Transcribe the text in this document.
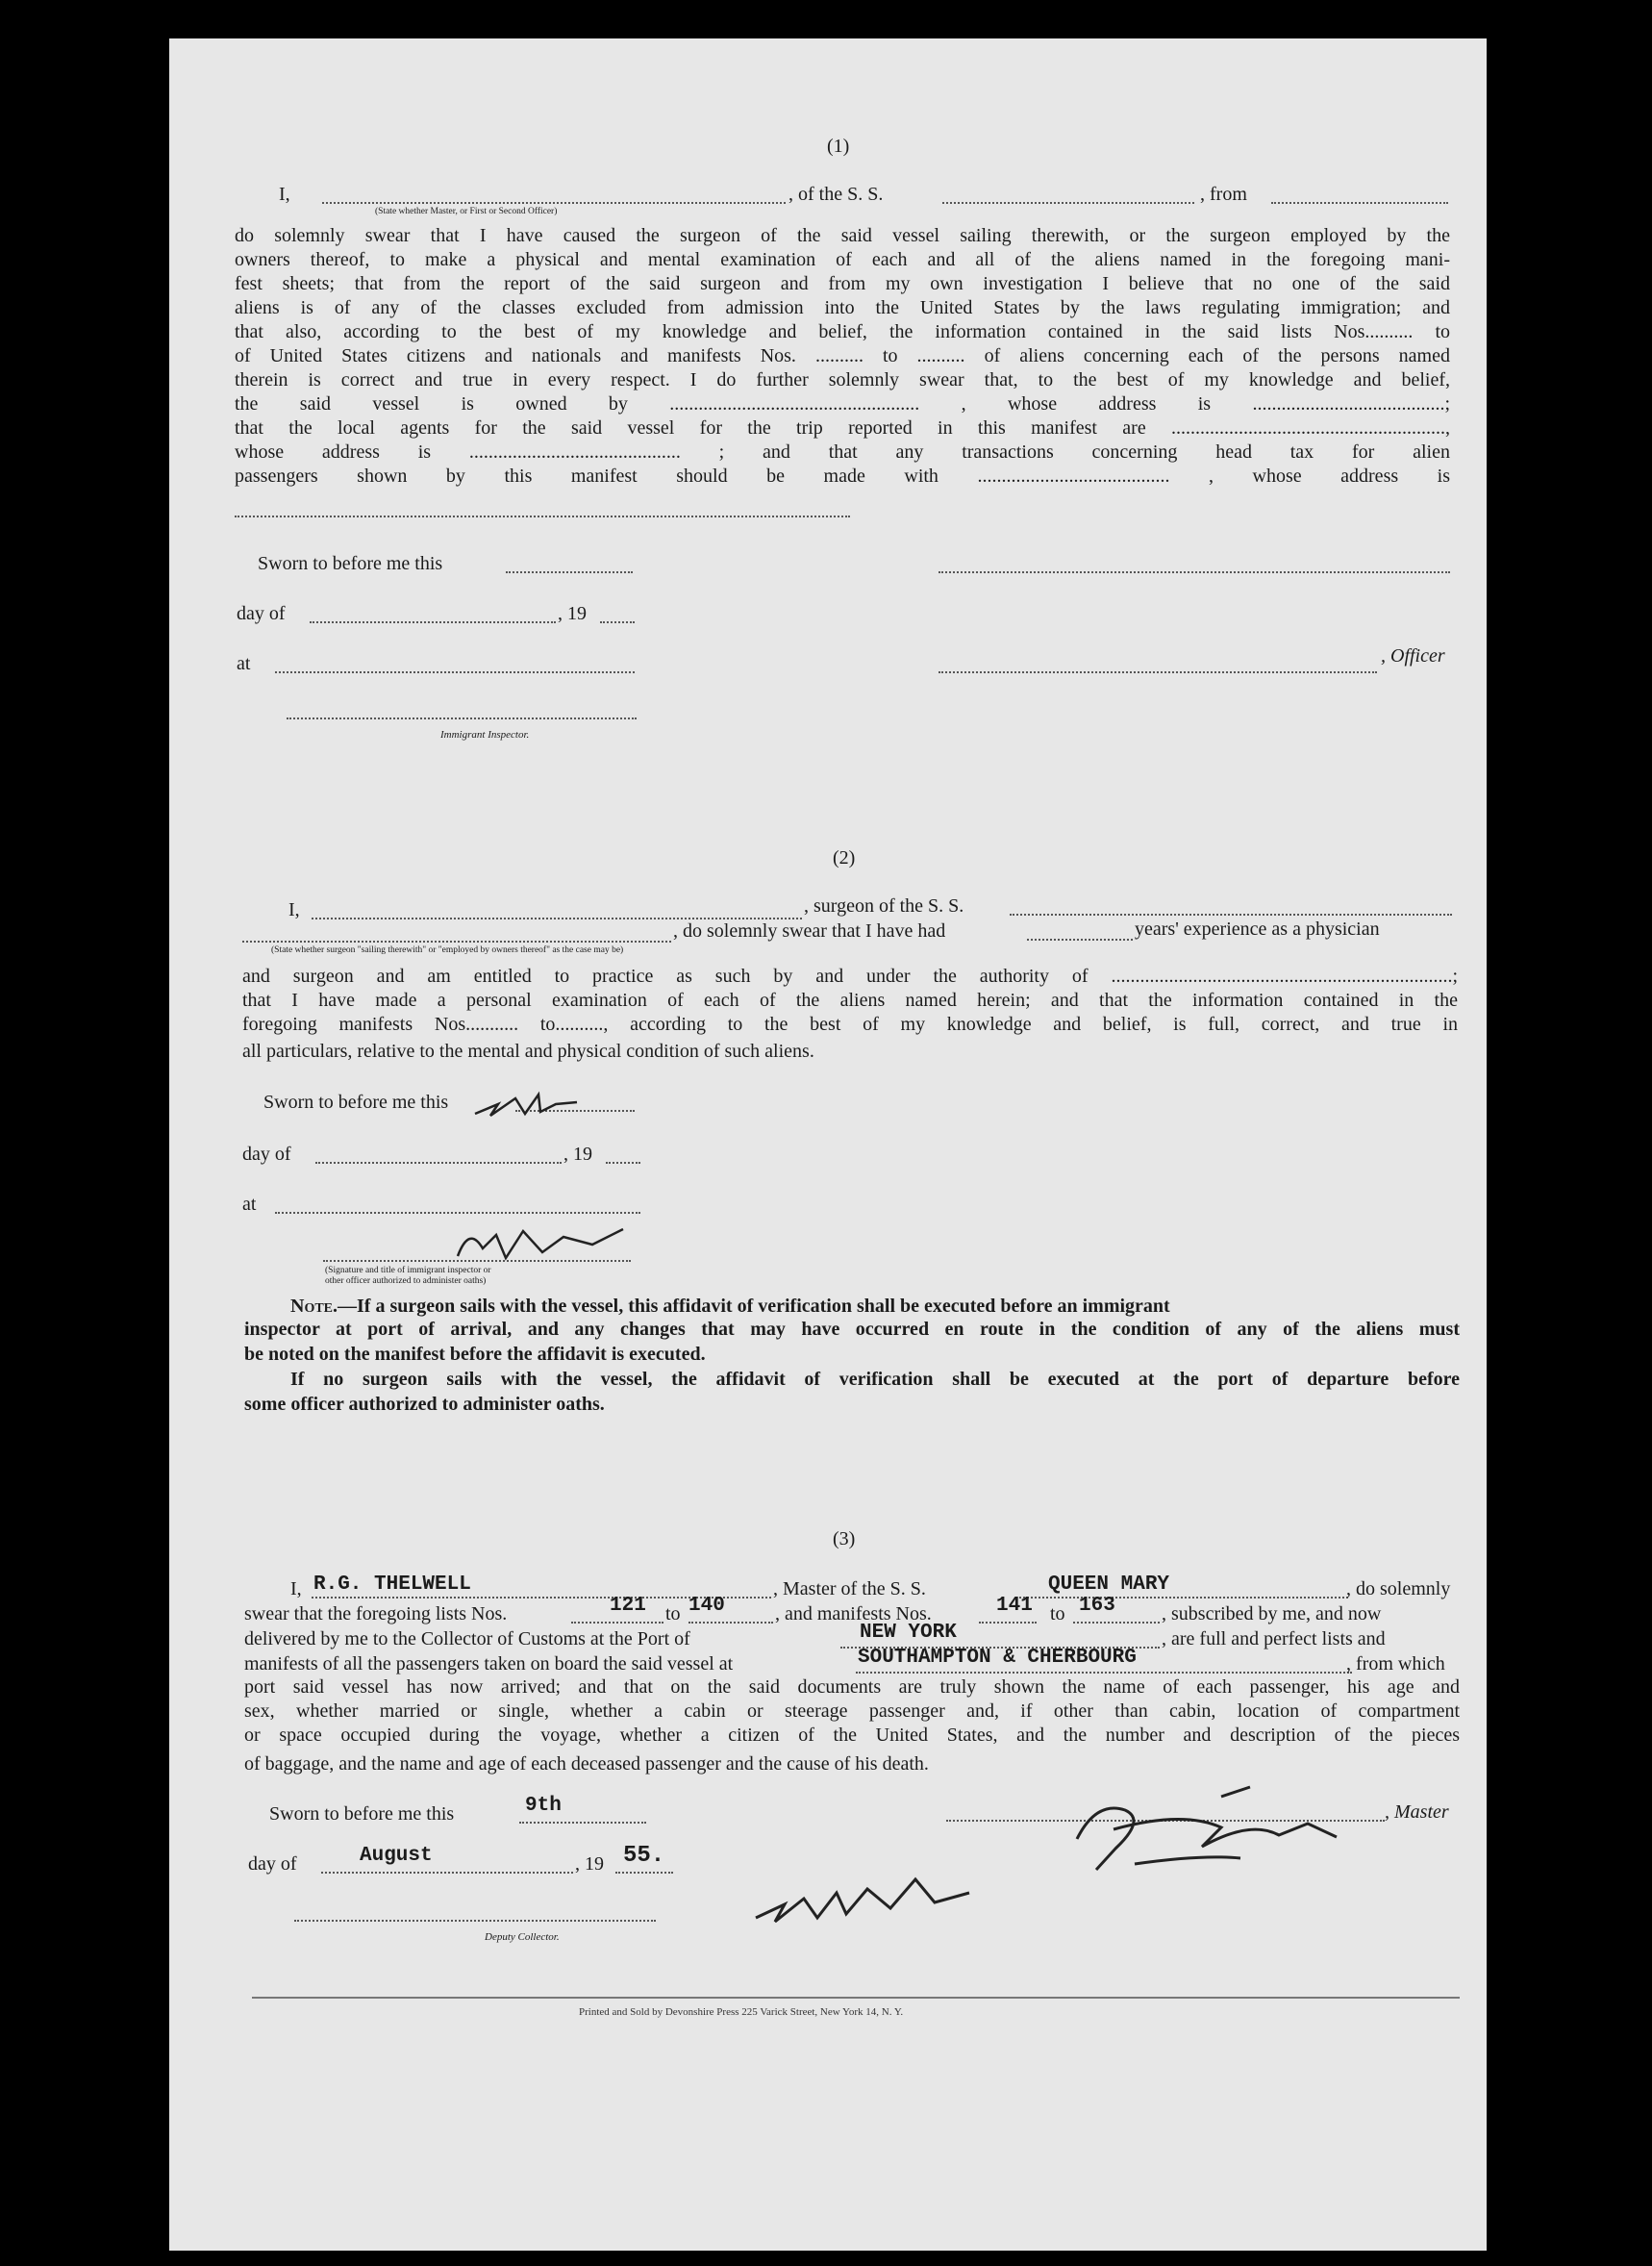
(1)
I,	, of the S. S.	, from
(State whether Master, or First or Second Officer)
do solemnly swear that I have caused the surgeon of the said vessel sailing therewith, or the surgeon employed by the
owners thereof, to make a physical and mental examination of each and all of the aliens named in the foregoing mani-
fest sheets; that from the report of the said surgeon and from my own investigation I believe that no one of the said
aliens is of any of the classes excluded from admission into the United States by the laws regulating immigration; and
that also, according to the best of my knowledge and belief, the information contained in the said lists Nos.......... to
of United States citizens and nationals and manifests Nos. .......... to .......... of aliens concerning each of the persons named
therein is correct and true in every respect. I do further solemnly swear that, to the best of my knowledge and belief,
the said vessel is owned by .................................................... , whose address is ........................................;
that the local agents for the said vessel for the trip reported in this manifest are .........................................................,
whose address is ............................................ ; and that any transactions concerning head tax for alien
passengers shown by this manifest should be made with ........................................ , whose address is
Sworn to before me this
day of	, 19
at	, Officer
Immigrant Inspector.
(2)
I,	, surgeon of the S. S.
, do solemnly swear that I have had	years' experience as a physician
(State whether surgeon "sailing therewith" or "employed by owners thereof" as the case may be)
and surgeon and am entitled to practice as such by and under the authority of .......................................................................;
that I have made a personal examination of each of the aliens named herein; and that the information contained in the
foregoing manifests Nos........... to.........., according to the best of my knowledge and belief, is full, correct, and true in
all particulars, relative to the mental and physical condition of such aliens.
Sworn to before me this
day of	, 19
at
(Signature and title of immigrant inspector or
other officer authorized to administer oaths)
Note.—If a surgeon sails with the vessel, this affidavit of verification shall be executed before an immigrant
inspector at port of arrival, and any changes that may have occurred en route in the condition of any of the aliens must
be noted on the manifest before the affidavit is executed.
If no surgeon sails with the vessel, the affidavit of verification shall be executed at the port of departure before
some officer authorized to administer oaths.
(3)
I, R.G. THELWELL	, Master of the S. S.	QUEEN MARY	, do solemnly
swear that the foregoing lists Nos.	121 to 140	, and manifests Nos.	141 to 163 , subscribed by me, and now
delivered by me to the Collector of Customs at the Port of	NEW YORK	, are full and perfect lists and
manifests of all the passengers taken on board the said vessel at	SOUTHAMPTON & CHERBOURG	, from which
port said vessel has now arrived; and that on the said documents are truly shown the name of each passenger, his age and
sex, whether married or single, whether a cabin or steerage passenger and, if other than cabin, location of compartment
or space occupied during the voyage, whether a citizen of the United States, and the number and description of the pieces
of baggage, and the name and age of each deceased passenger and the cause of his death.
Sworn to before me this	9th	, Master
day of	August	, 19 55.
Deputy Collector.
Printed and Sold by Devonshire Press 225 Varick Street, New York 14, N. Y.
